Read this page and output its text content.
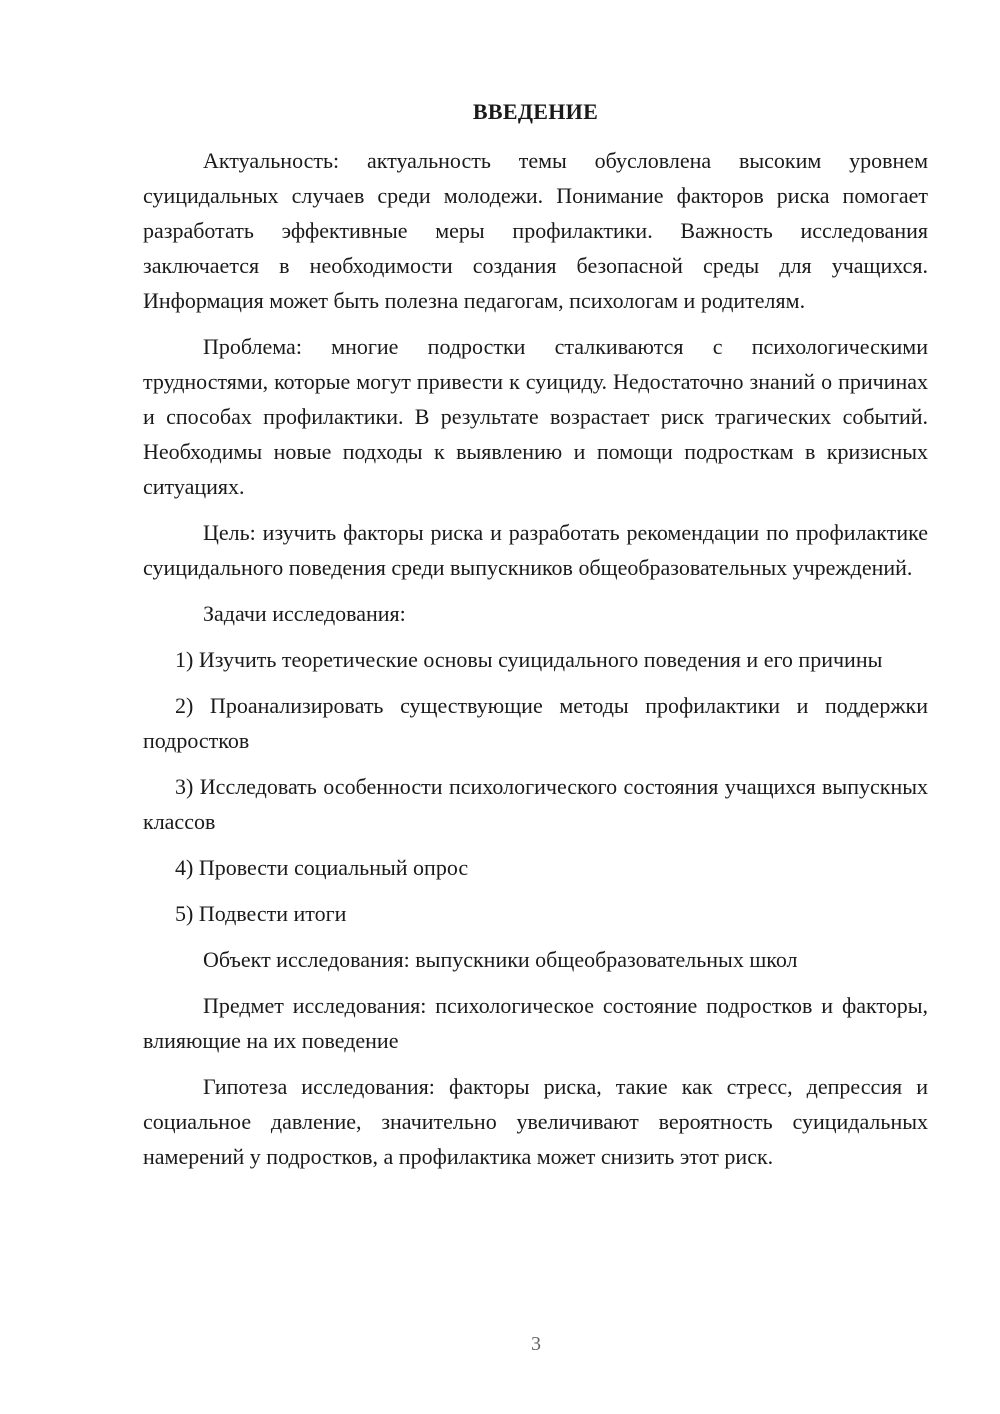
ВВЕДЕНИЕ

Актуальность: актуальность темы обусловлена высоким уровнем суицидальных случаев среди молодежи. Понимание факторов риска помогает разработать эффективные меры профилактики. Важность исследования заключается в необходимости создания безопасной среды для учащихся. Информация может быть полезна педагогам, психологам и родителям.

Проблема: многие подростки сталкиваются с психологическими трудностями, которые могут привести к суициду. Недостаточно знаний о причинах и способах профилактики. В результате возрастает риск трагических событий. Необходимы новые подходы к выявлению и помощи подросткам в кризисных ситуациях.

Цель: изучить факторы риска и разработать рекомендации по профилактике суицидального поведения среди выпускников общеобразовательных учреждений.

Задачи исследования:

1) Изучить теоретические основы суицидального поведения и его причины

2) Проанализировать существующие методы профилактики и поддержки подростков

3) Исследовать особенности психологического состояния учащихся выпускных классов

4) Провести социальный опрос

5) Подвести итоги

Объект исследования: выпускники общеобразовательных школ

Предмет исследования: психологическое состояние подростков и факторы, влияющие на их поведение

Гипотеза исследования: факторы риска, такие как стресс, депрессия и социальное давление, значительно увеличивают вероятность суицидальных намерений у подростков, а профилактика может снизить этот риск.

3
